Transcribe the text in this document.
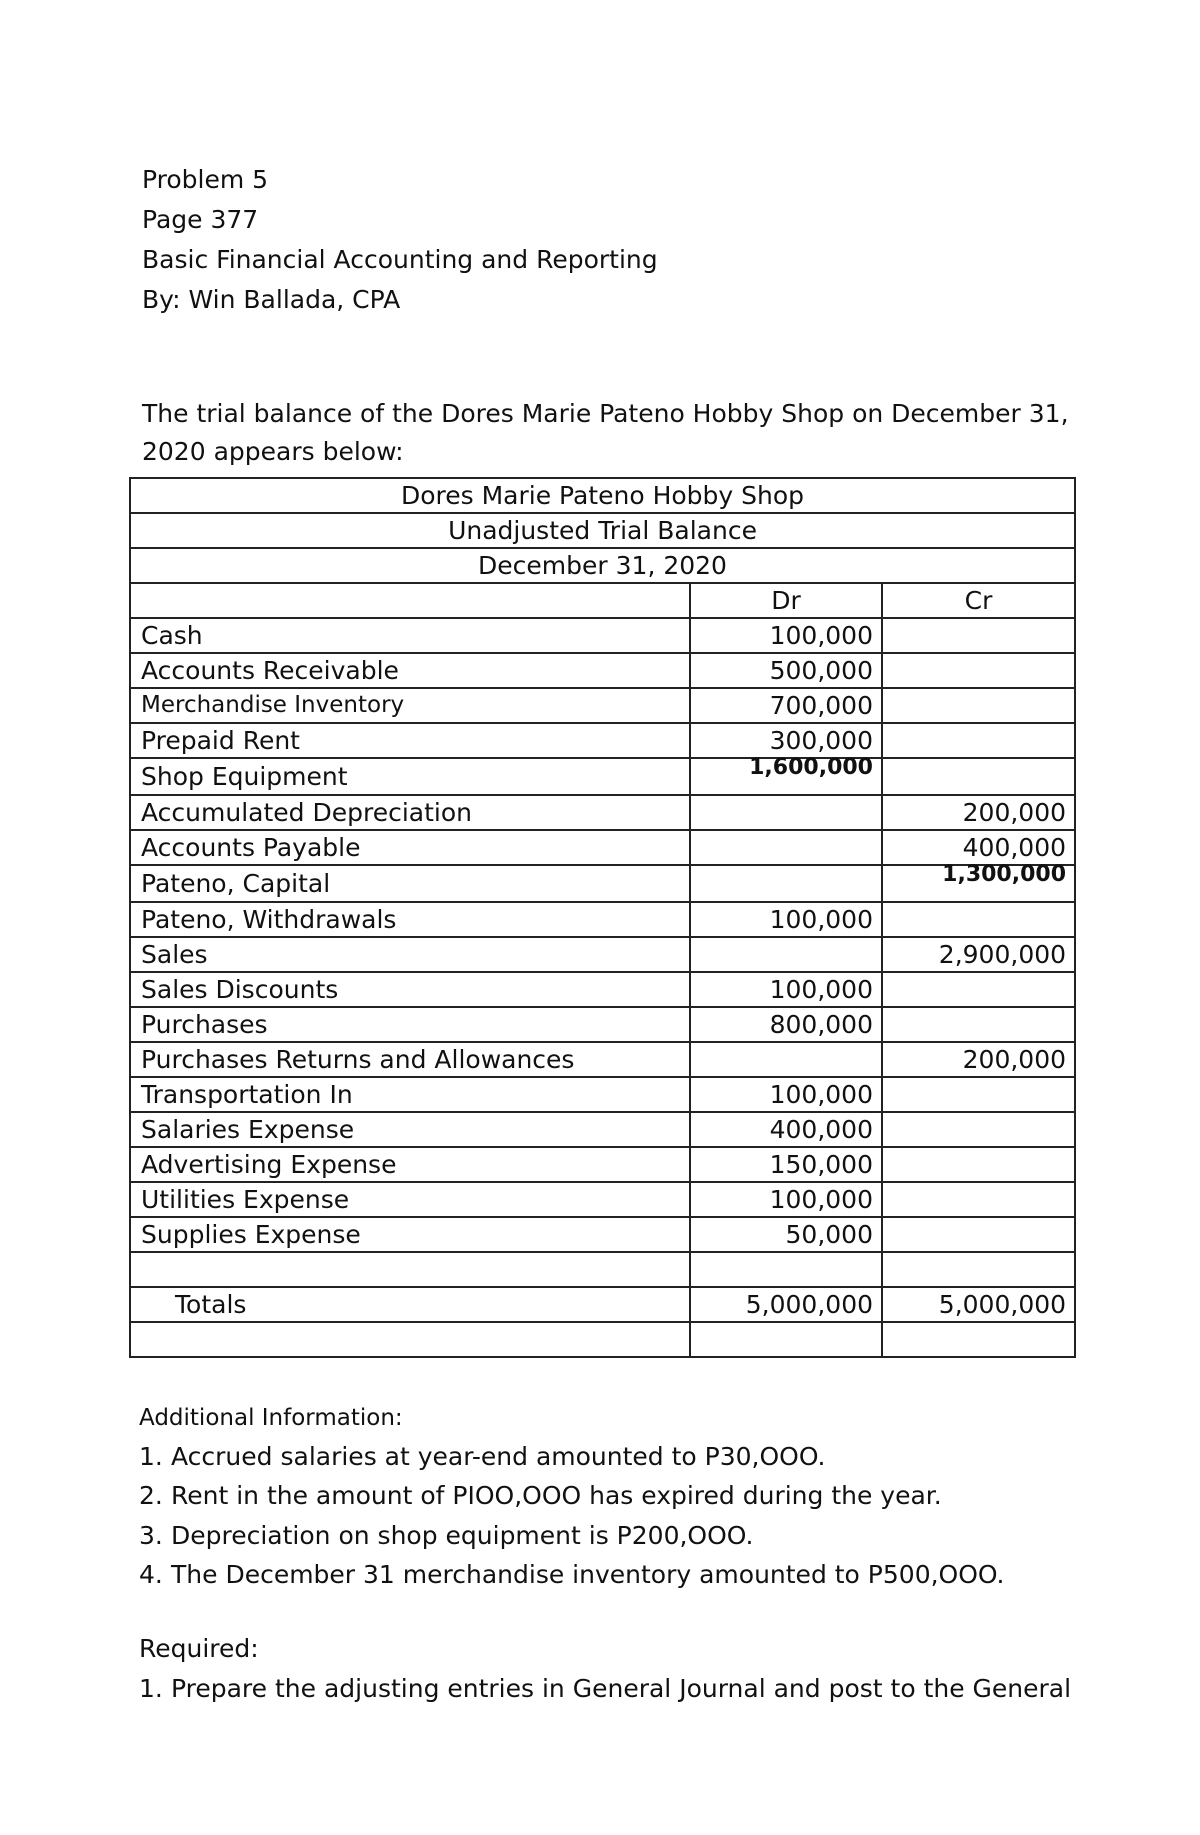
Problem 5
Page 377
Basic Financial Accounting and Reporting
By: Win Ballada, CPA
The trial balance of the Dores Marie Pateno Hobby Shop on December 31,
2020 appears below:
Dores Marie Pateno Hobby Shop		
Unadjusted Trial Balance		
December 31, 2020		
	Dr	Cr
Cash	100,000	
Accounts Receivable	500,000	
Merchandise Inventory	700,000	
Prepaid Rent	300,000	
Shop Equipment	1,600,000	
Accumulated Depreciation		200,000
Accounts Payable		400,000
Pateno, Capital		1,300,000
Pateno, Withdrawals	100,000	
Sales		2,900,000
Sales Discounts	100,000	
Purchases	800,000	
Purchases Returns and Allowances		200,000
Transportation In	100,000	
Salaries Expense	400,000	
Advertising Expense	150,000	
Utilities Expense	100,000	
Supplies Expense	50,000	

Totals	5,000,000	5,000,000

Additional Information:
1. Accrued salaries at year-end amounted to P30,OOO.
2. Rent in the amount of PIOO,OOO has expired during the year.
3. Depreciation on shop equipment is P200,OOO.
4. The December 31 merchandise inventory amounted to P500,OOO.
Required:
1. Prepare the adjusting entries in General Journal and post to the General
